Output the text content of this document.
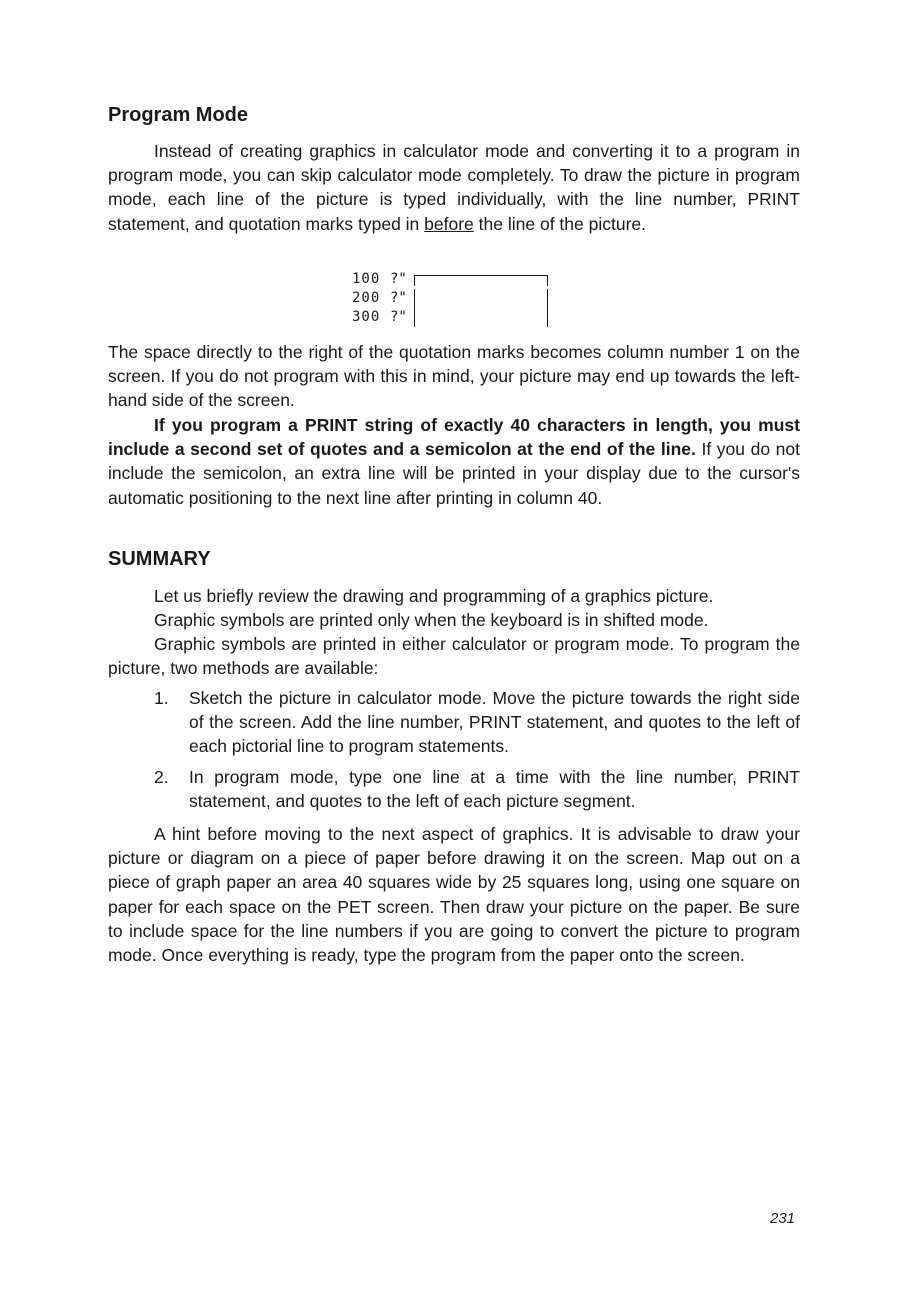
Program Mode

Instead of creating graphics in calculator mode and converting it to a program in program mode, you can skip calculator mode completely. To draw the picture in program mode, each line of the picture is typed individually, with the line number, PRINT statement, and quotation marks typed in before the line of the picture.

100 ?"
200 ?"
300 ?"

The space directly to the right of the quotation marks becomes column number 1 on the screen. If you do not program with this in mind, your picture may end up towards the left-hand side of the screen.

If you program a PRINT string of exactly 40 characters in length, you must include a second set of quotes and a semicolon at the end of the line. If you do not include the semicolon, an extra line will be printed in your display due to the cursor's automatic positioning to the next line after printing in column 40.

SUMMARY

Let us briefly review the drawing and programming of a graphics picture.

Graphic symbols are printed only when the keyboard is in shifted mode.

Graphic symbols are printed in either calculator or program mode. To program the picture, two methods are available:

1. Sketch the picture in calculator mode. Move the picture towards the right side of the screen. Add the line number, PRINT statement, and quotes to the left of each pictorial line to program statements.
2. In program mode, type one line at a time with the line number, PRINT statement, and quotes to the left of each picture segment.

A hint before moving to the next aspect of graphics. It is advisable to draw your picture or diagram on a piece of paper before drawing it on the screen. Map out on a piece of graph paper an area 40 squares wide by 25 squares long, using one square on paper for each space on the PET screen. Then draw your picture on the paper. Be sure to include space for the line numbers if you are going to convert the picture to program mode. Once everything is ready, type the program from the paper onto the screen.

231
